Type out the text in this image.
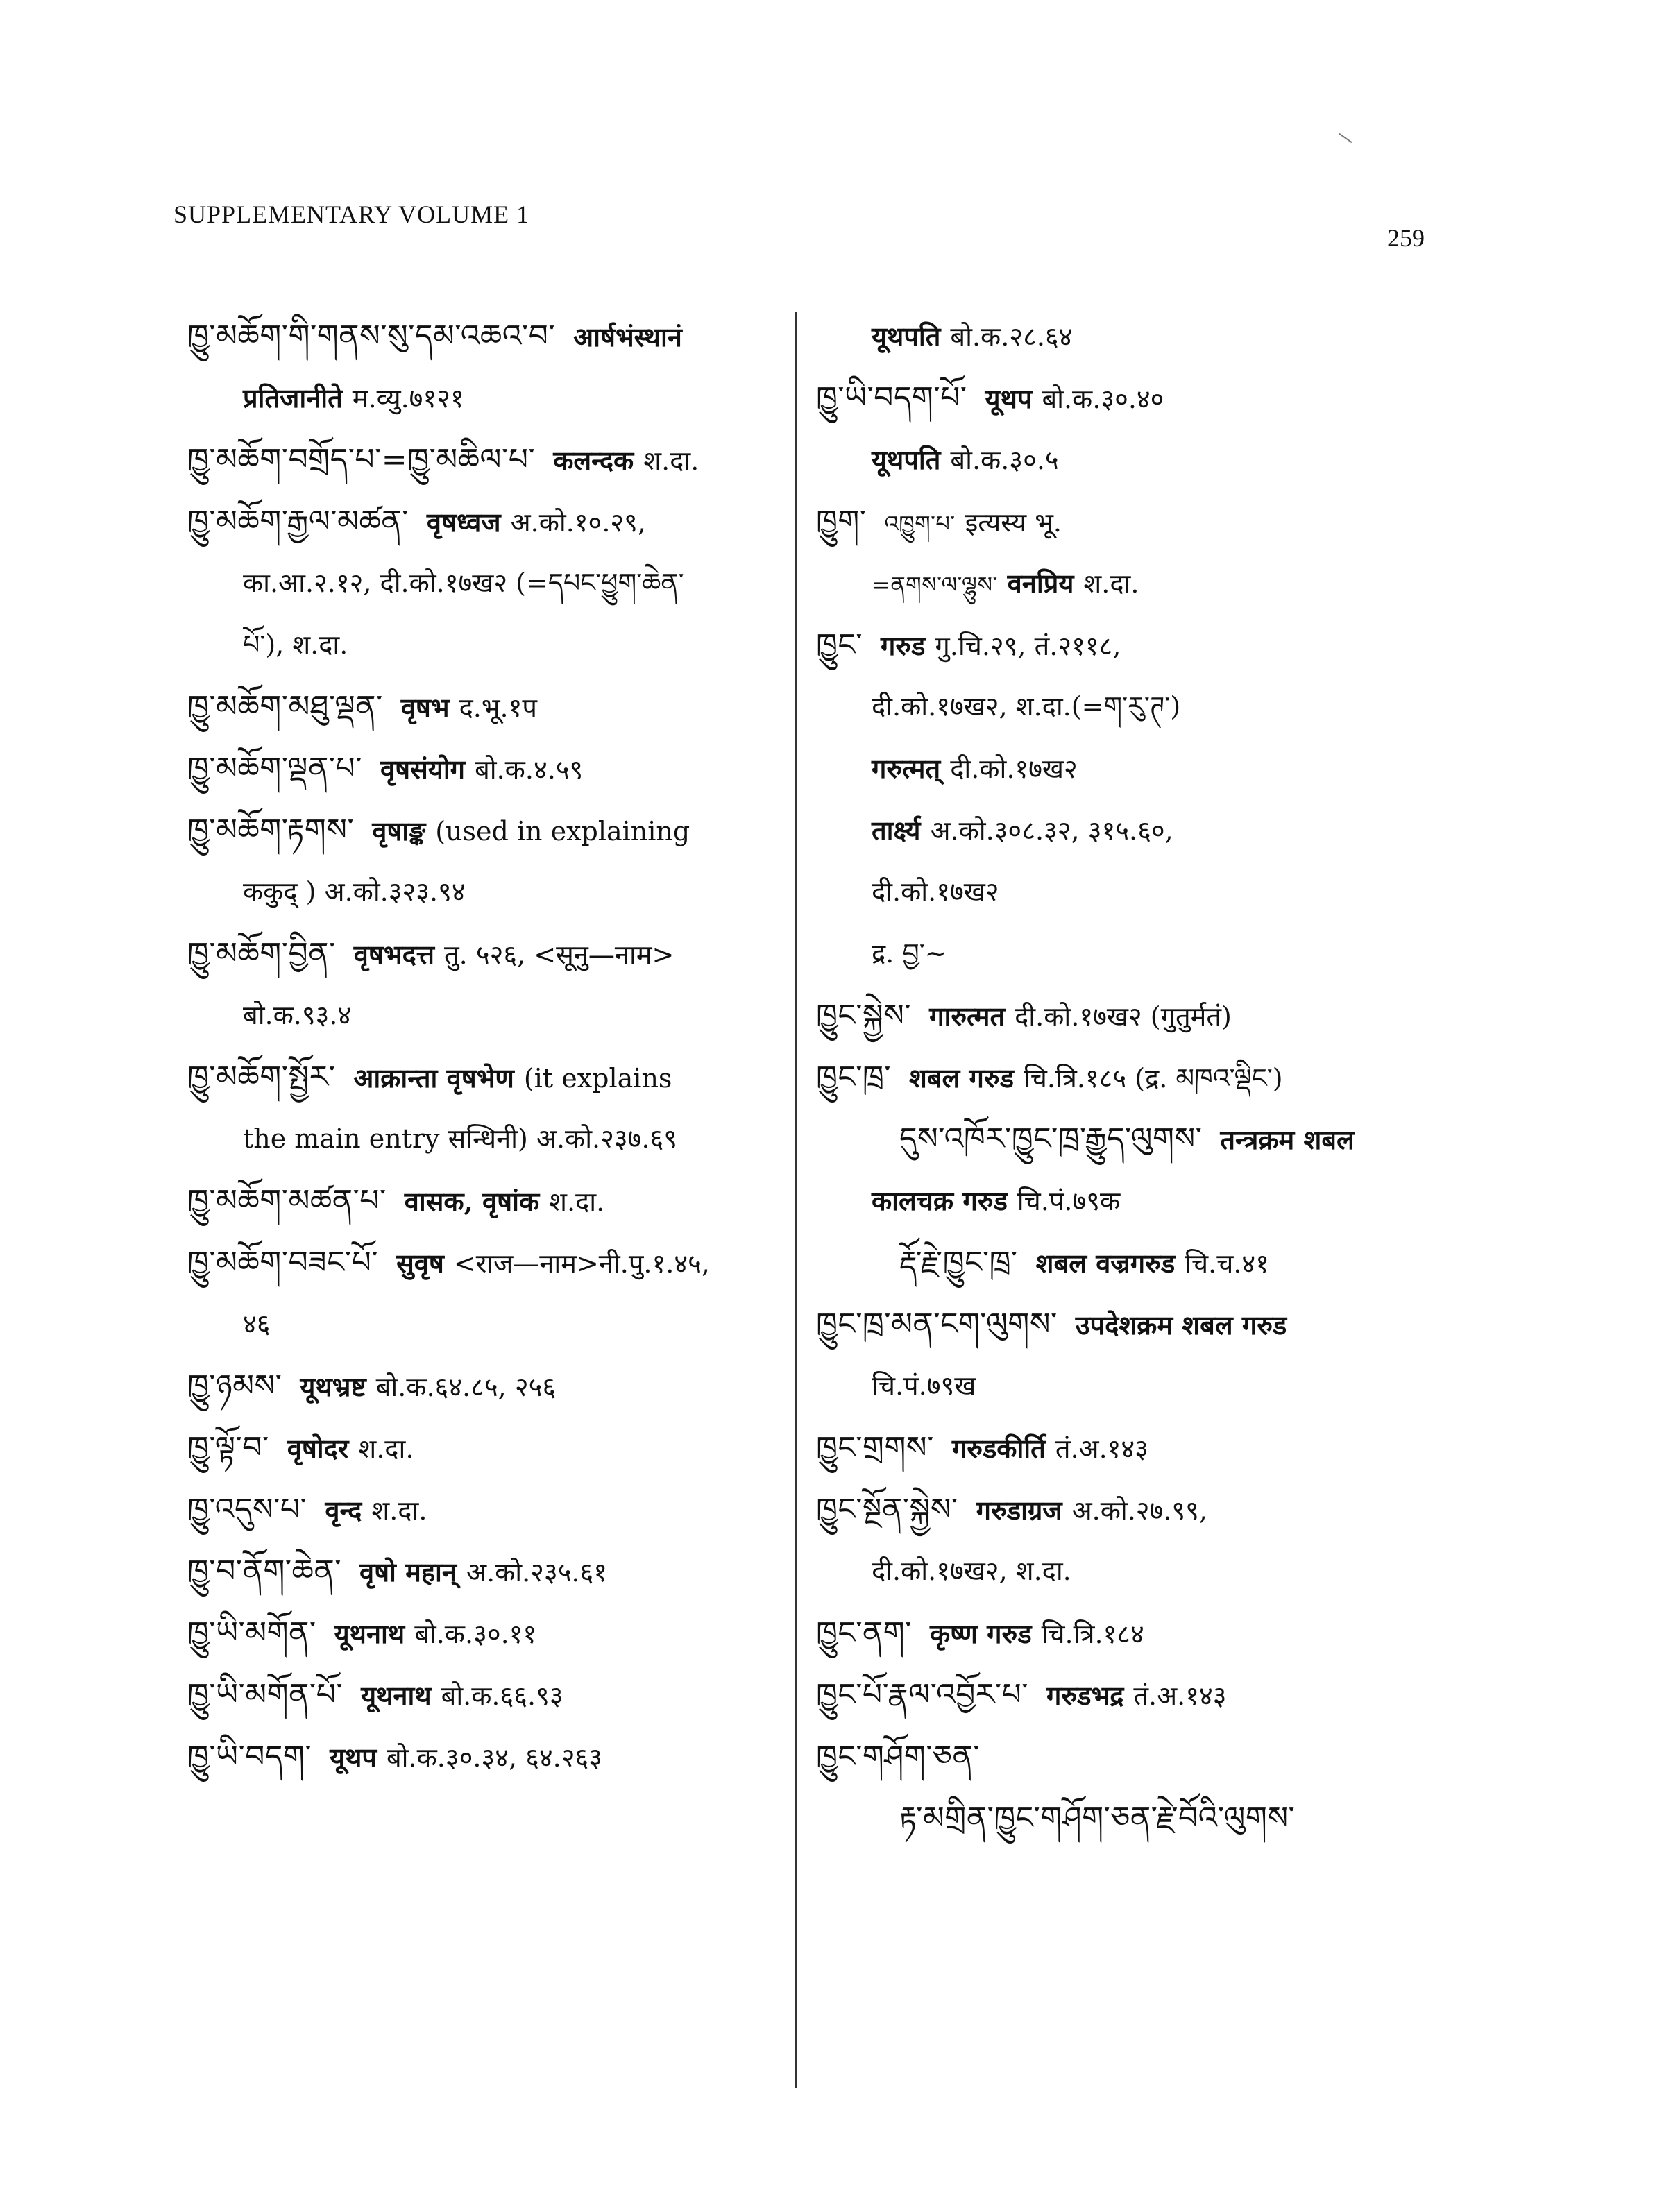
SUPPLEMENTARY VOLUME 1
259
ཁྱུ་མཆོག་གི་གནས་སུ་དམ་འཆའ་བ་ आर्षभंस्थानं
प्रतिजानीते म.व्यु.७१२१
ཁྱུ་མཆོག་བགྲོད་པ་=ཁྱུ་མཆིལ་པ་ कलन्दक श.दा.
ཁྱུ་མཆོག་རྒྱལ་མཚན་ वृषध्वज अ.को.१०.२९,
का.आ.२.१२, दी.को.१७ख२ (=དཔང་ཕྱུག་ཆེན་
པོ་), श.दा.
ཁྱུ་མཆོག་མཐུ་ལྡན་ वृषभ द.भू.१प
ཁྱུ་མཆོག་ལྡན་པ་ वृषसंयोग बो.क.४.५९
ཁྱུ་མཆོག་རྟགས་ वृषाङ्क (used in explaining
ककुद् ) अ.को.३२३.९४
ཁྱུ་མཆོག་བྱིན་ वृषभदत्त तु. ५२६, <सूनु—नाम>
बो.क.९३.४
ཁྱུ་མཆོག་སྤྱོར་ आक्रान्ता वृषभेण (it explains
the main entry सन्धिनी) अ.को.२३७.६९
ཁྱུ་མཆོག་མཚན་པ་ वासक, वृषांक श.दा.
ཁྱུ་མཆོག་བཟང་པོ་ सुवृष <राज—नाम>नी.पु.१.४५,
४६
ཁྱུ་ཉམས་ यूथभ्रष्ट बो.क.६४.८५, २५६
ཁྱུ་ལྟོ་བ་ वृषोदर श.दा.
ཁྱུ་འདུས་པ་ वृन्द श.दा.
ཁྱུ་བ་ནོག་ཆེན་ वृषो महान् अ.को.२३५.६१
ཁྱུ་ཡི་མགོན་ यूथनाथ बो.क.३०.११
ཁྱུ་ཡི་མགོན་པོ་ यूथनाथ बो.क.६६.९३
ཁྱུ་ཡི་བདག་ यूथप बो.क.३०.३४, ६४.२६३
यूथपति बो.क.२८.६४
ཁྱུ་ཡི་བདག་པོ་ यूथप बो.क.३०.४०
यूथपति बो.क.३०.५
ཁྱུག་ འཁྱུག་པ་ इत्यस्य भू.
=ནགས་ལ་ལྷུས་ वनप्रिय श.दा.
ཁྱུང་ गरुड गु.चि.२९, तं.२११८,
दी.को.१७ख२, श.दा.(=ག་རུ་ཊ་)
गरुत्मत् दी.को.१७ख२
तार्क्ष्य अ.को.३०८.३२, ३१५.६०,
दी.को.१७ख२
द्र. བྱ་~
ཁྱུང་སྐྱེས་ गारुत्मत दी.को.१७ख२ (गुतुर्मतं)
ཁྱུང་ཁྲ་ शबल गरुड चि.त्रि.१८५ (द्र. མཁའ་ལྡིང་)
དུས་འཁོར་ཁྱུང་ཁྲ་རྒྱུད་ལུགས་ तन्त्रक्रम शबल
कालचक्र गरुड चि.पं.७९क
རྡོ་རྗེ་ཁྱུང་ཁྲ་ शबल वज्रगरुड चि.च.४१
ཁྱུང་ཁྲ་མན་ངག་ལུགས་ उपदेशक्रम शबल गरुड
चि.पं.७९ख
ཁྱུང་གྲགས་ गरुडकीर्ति तं.अ.१४३
ཁྱུང་སྔོན་སྐྱེས་ गरुडाग्रज अ.को.२७.९९,
दी.को.१७ख२, श.दा.
ཁྱུང་ནག་ कृष्ण गरुड चि.त्रि.१८४
ཁྱུང་པོ་རྣལ་འབྱོར་པ་ गरुडभद्र तं.अ.१४३
ཁྱུང་གཤོག་ཅན་
རྟ་མགྲིན་ཁྱུང་གཤོག་ཅན་རྗེ་བོའི་ལུགས་
